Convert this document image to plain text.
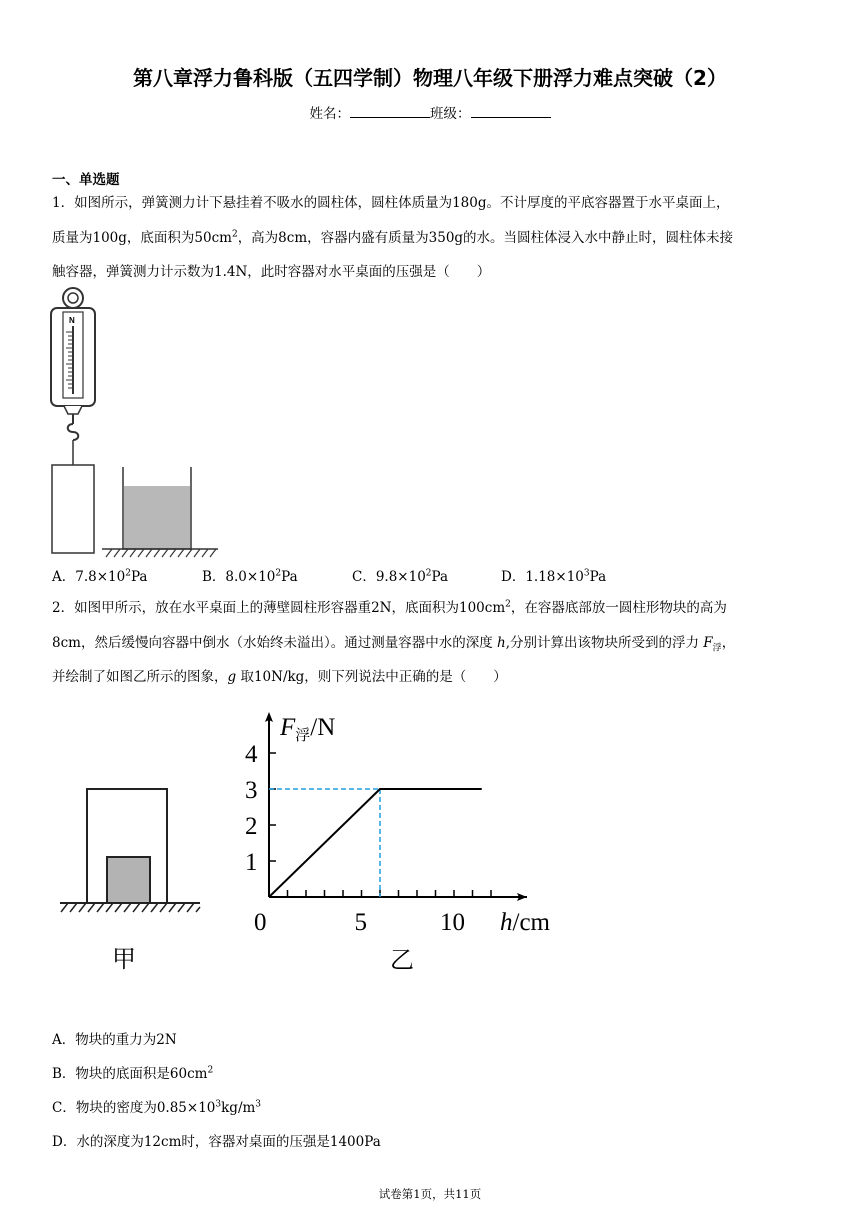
第八章浮力鲁科版（五四学制）物理八年级下册浮力难点突破（2）
姓名：	班级：
一、单选题
1．如图所示，弹簧测力计下悬挂着不吸水的圆柱体，圆柱体质量为180g。不计厚度的平底容器置于水平桌面上，
质量为100g，底面积为$50cm^2$，高为8cm，容器内盛有质量为350g的水。当圆柱体浸入水中静止时，圆柱体未接
触容器，弹簧测力计示数为1.4N，此时容器对水平桌面的压强是（　　）
N
A．$7.8\times 10^2Pa$	B．$8.0\times 10^2Pa$	C．$9.8\times 10^2Pa$	D．$1.18\times 10^3Pa$
2．如图甲所示，放在水平桌面上的薄壁圆柱形容器重2N，底面积为$100cm^2$，在容器底部放一圆柱形物块的高为
8cm，然后缓慢向容器中倒水（水始终未溢出）。通过测量容器中水的深度 h,分别计算出该物块所受到的浮力 $F_浮$，
并绘制了如图乙所示的图象，g 取10N/kg，则下列说法中正确的是（　　）
甲
$F_浮/N$
h/cm
乙
1
2
3
4
0	5	10
A．物块的重力为2N
B．物块的底面积是$60cm^2$
C．物块的密度为$0.85\times 10^3kg/m^3$
D．水的深度为12cm时，容器对桌面的压强是1400Pa
试卷第1页，共11页
